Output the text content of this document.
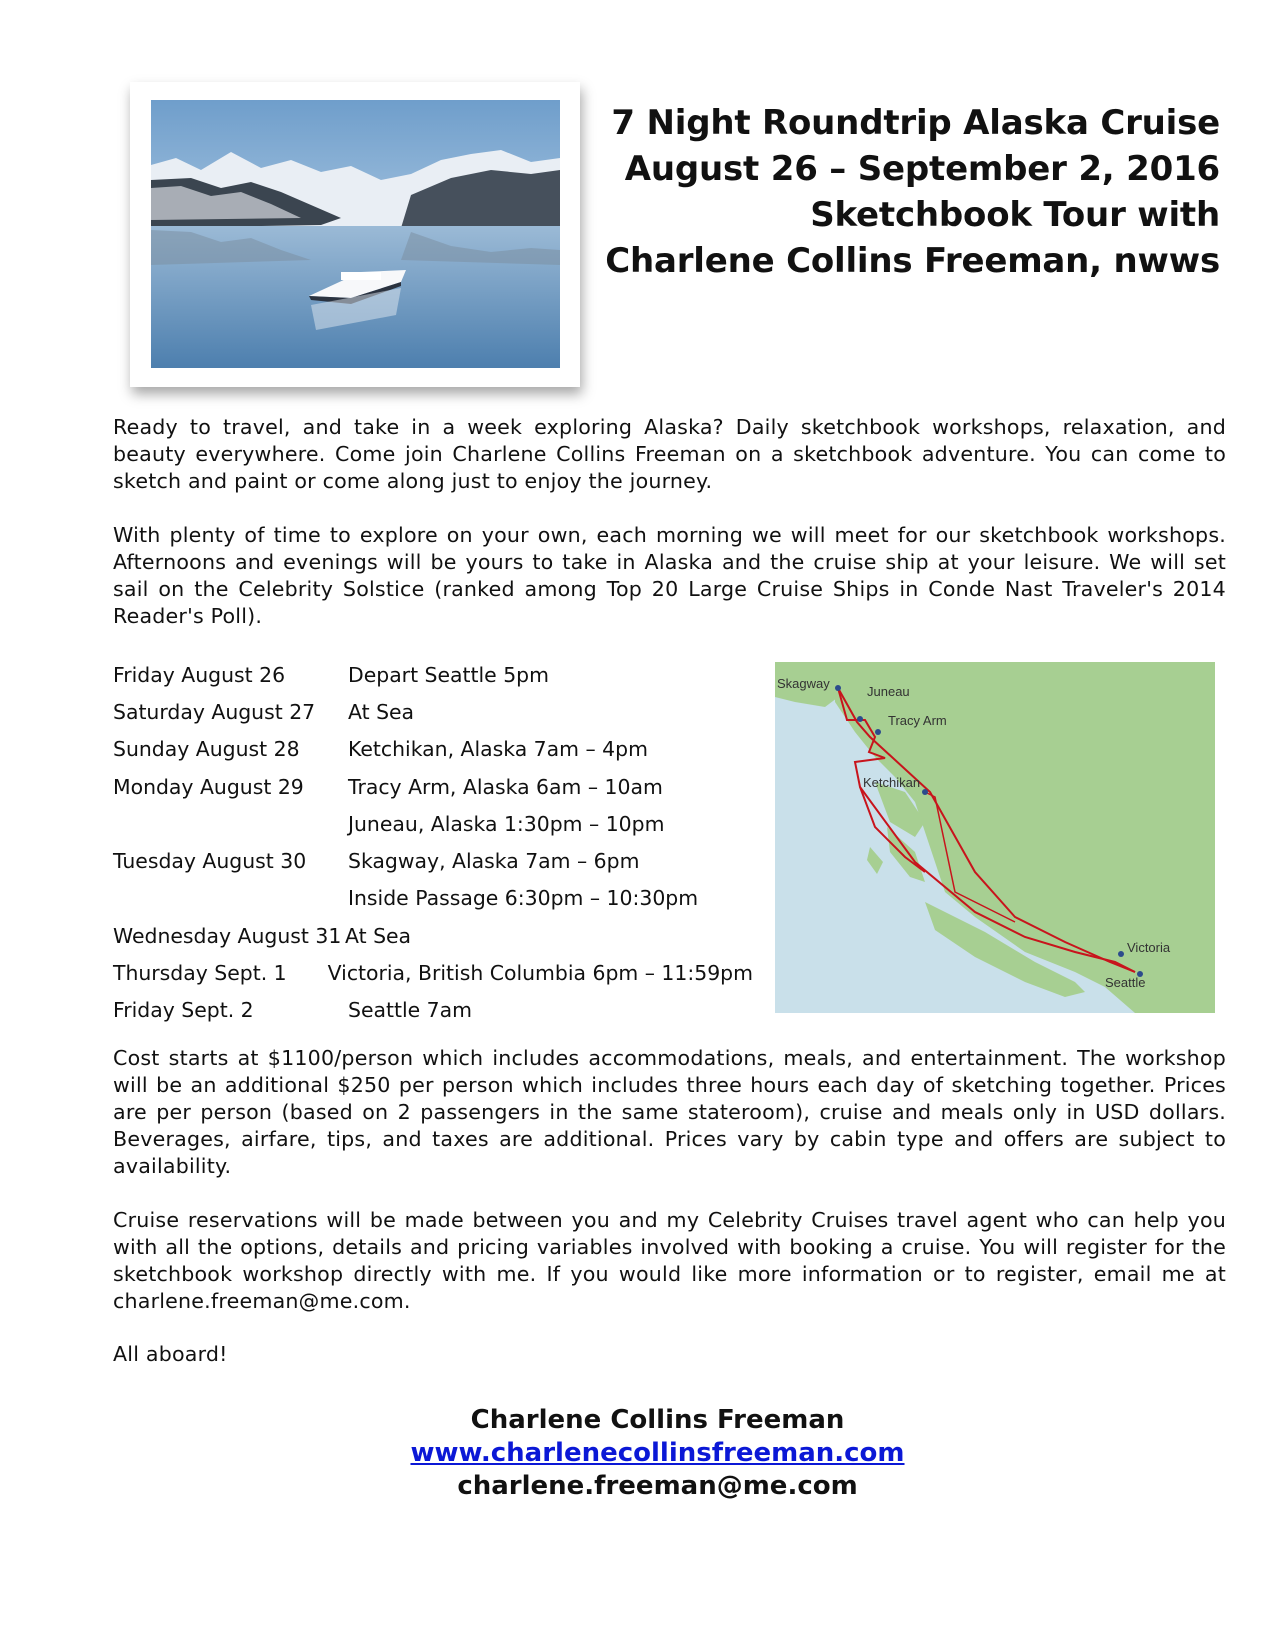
7 Night Roundtrip Alaska Cruise
August 26 – September 2, 2016
Sketchbook Tour with
Charlene Collins Freeman, nwws

Ready to travel, and take in a week exploring Alaska? Daily sketchbook workshops, relaxation, and beauty everywhere. Come join Charlene Collins Freeman on a sketchbook adventure. You can come to sketch and paint or come along just to enjoy the journey.

With plenty of time to explore on your own, each morning we will meet for our sketchbook workshops. Afternoons and evenings will be yours to take in Alaska and the cruise ship at your leisure. We will set sail on the Celebrity Solstice (ranked among Top 20 Large Cruise Ships in Conde Nast Traveler's 2014 Reader's Poll).

Friday August 26	Depart Seattle 5pm
Saturday August 27	At Sea
Sunday August 28	Ketchikan, Alaska 7am – 4pm
Monday August 29	Tracy Arm, Alaska 6am – 10am
Juneau, Alaska 1:30pm – 10pm
Tuesday August 30	Skagway, Alaska 7am – 6pm
Inside Passage 6:30pm – 10:30pm
Wednesday August 31 At Sea
Thursday Sept. 1	Victoria, British Columbia 6pm – 11:59pm
Friday Sept. 2	Seattle 7am
Skagway
Juneau
Tracy Arm
Ketchikan
Victoria
Seattle

Cost starts at $1100/person which includes accommodations, meals, and entertainment. The workshop will be an additional $250 per person which includes three hours each day of sketching together. Prices are per person (based on 2 passengers in the same stateroom), cruise and meals only in USD dollars. Beverages, airfare, tips, and taxes are additional. Prices vary by cabin type and offers are subject to availability.

Cruise reservations will be made between you and my Celebrity Cruises travel agent who can help you with all the options, details and pricing variables involved with booking a cruise. You will register for the sketchbook workshop directly with me. If you would like more information or to register, email me at charlene.freeman@me.com.

All aboard!

Charlene Collins Freeman
www.charlenecollinsfreeman.com
charlene.freeman@me.com
